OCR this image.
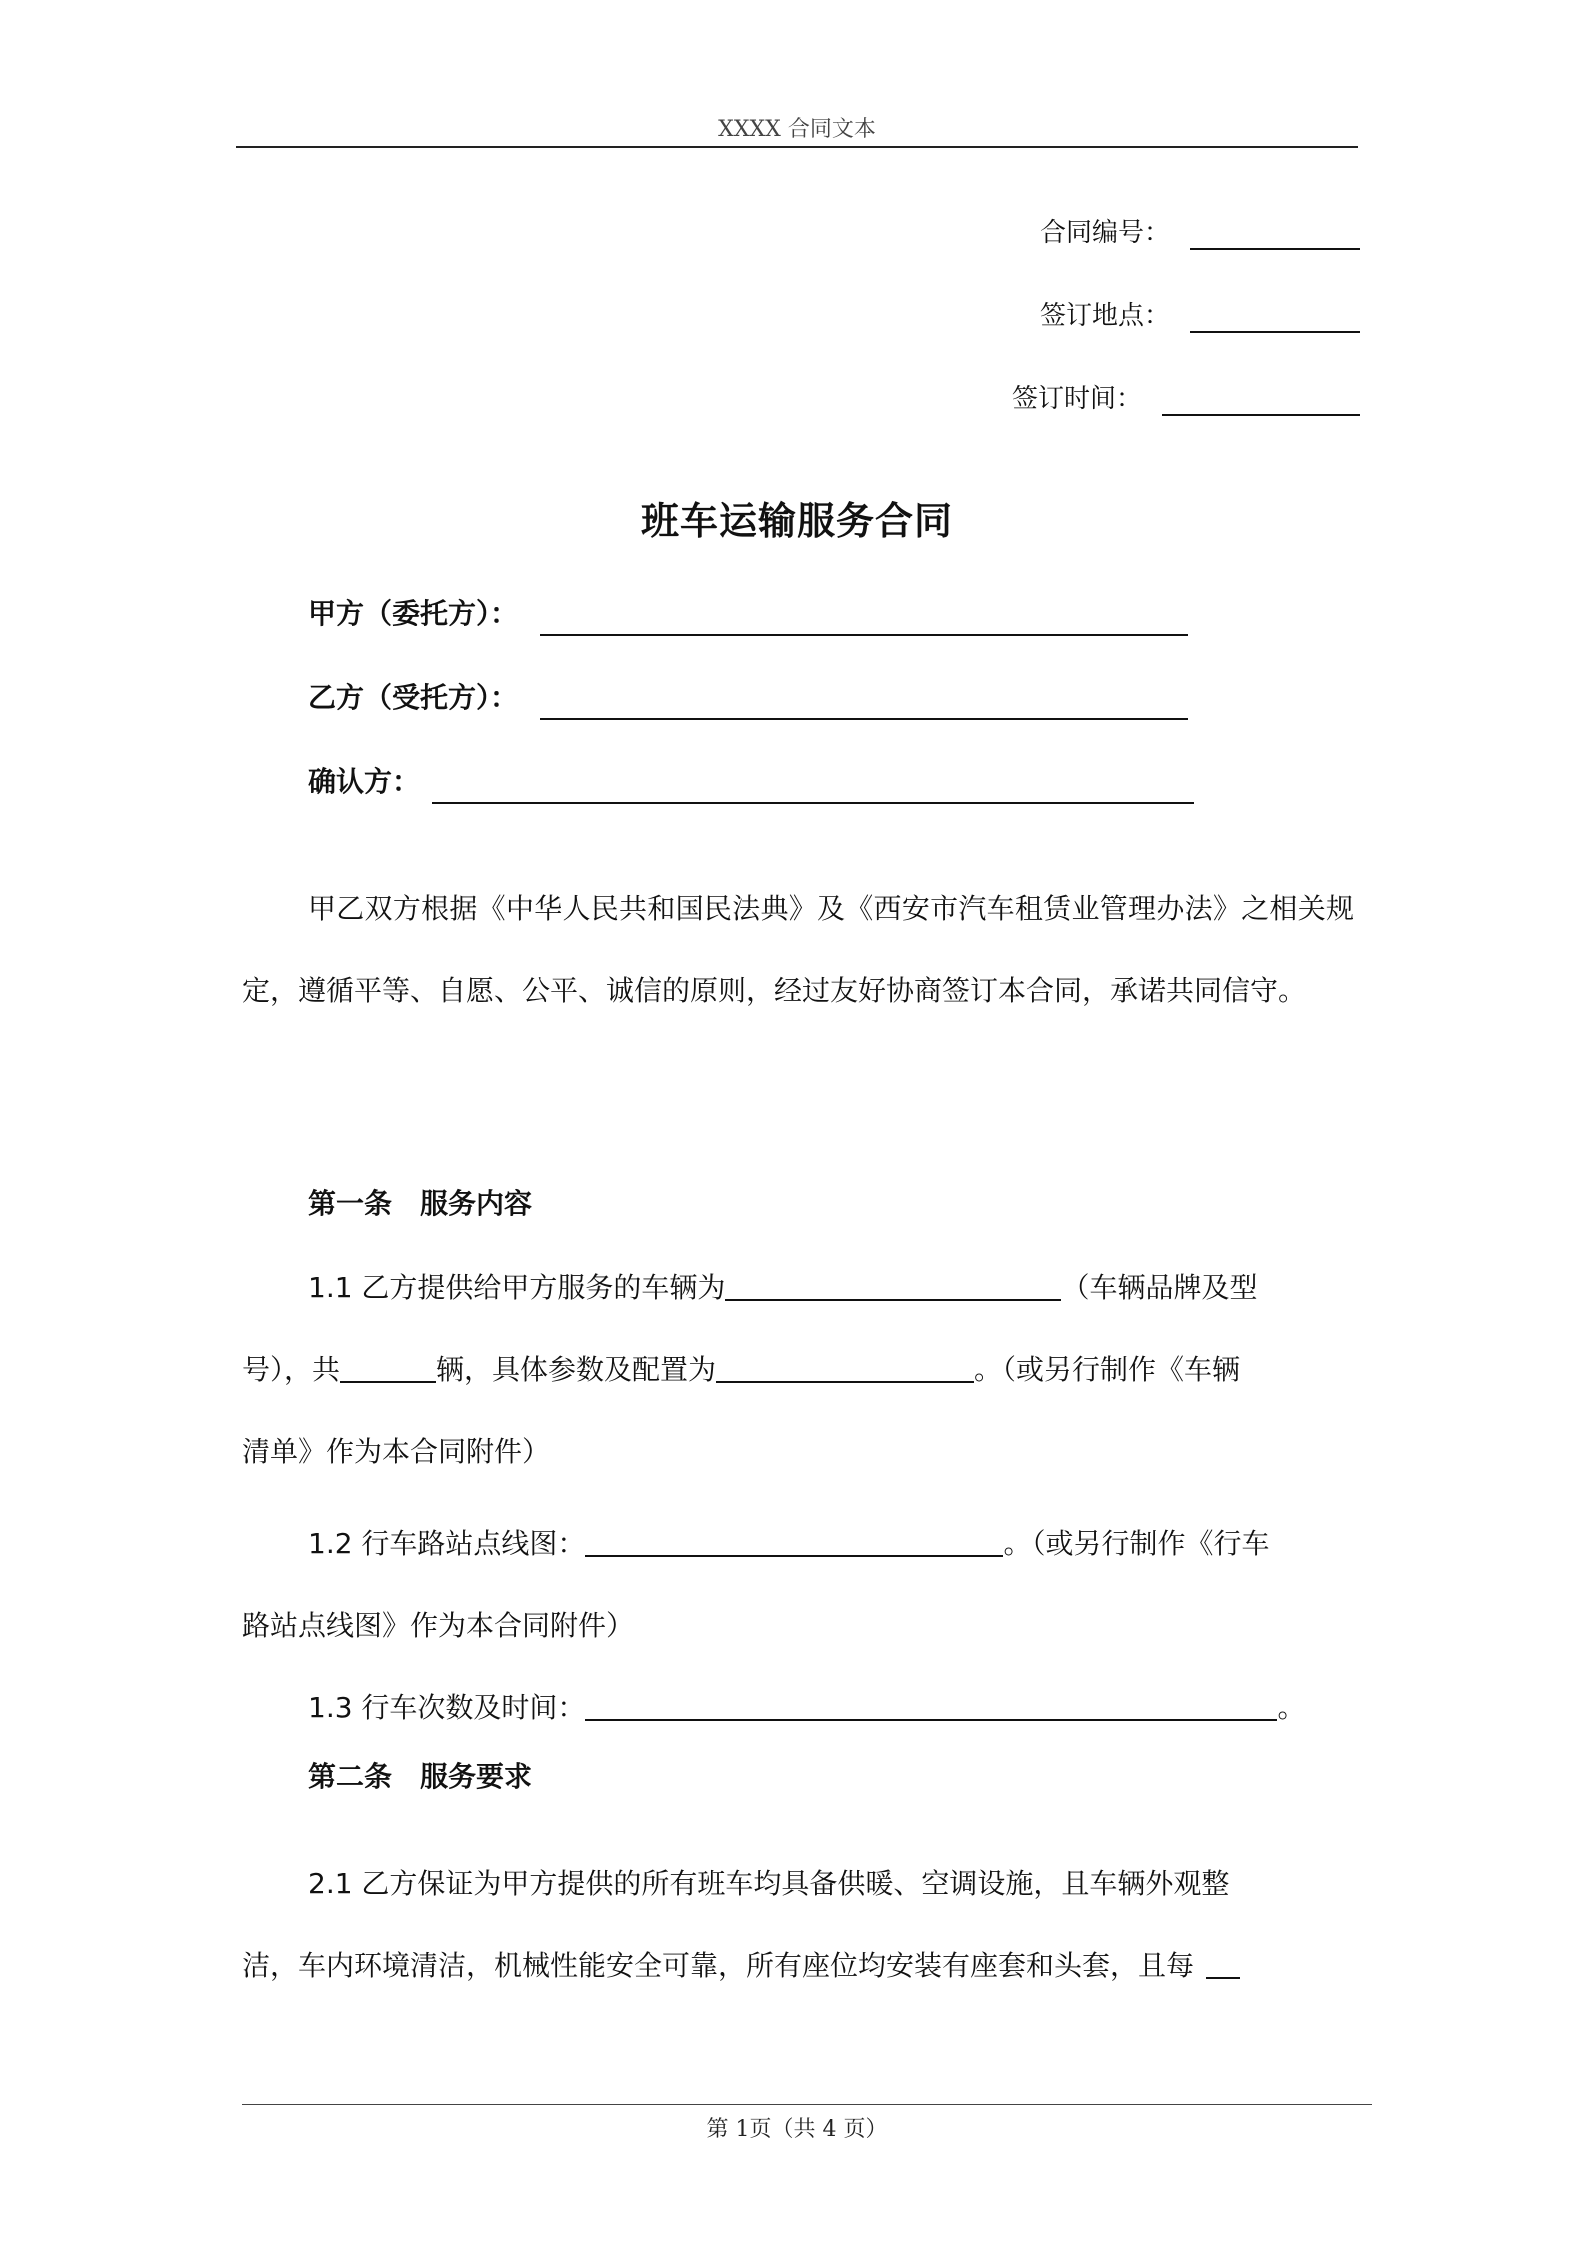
XXXX 合同文本
合同编号：
签订地点：
签订时间：
班车运输服务合同
甲方（委托方）：
乙方（受托方）：
确认方：
甲乙双方根据《中华人民共和国民法典》及《西安市汽车租赁业管理办法》之相关规定，遵循平等、自愿、公平、诚信的原则，经过友好协商签订本合同，承诺共同信守。
第一条　服务内容
1.1 乙方提供给甲方服务的车辆为	（车辆品牌及型
号），共	辆，具体参数及配置为	。（或另行制作《车辆
清单》作为本合同附件）
1.2 行车路站点线图：	。（或另行制作《行车
路站点线图》作为本合同附件）
1.3 行车次数及时间：	。
第二条　服务要求
2.1 乙方保证为甲方提供的所有班车均具备供暖、空调设施，且车辆外观整
洁，车内环境清洁，机械性能安全可靠，所有座位均安装有座套和头套，且每
第 1页（共 4 页）
